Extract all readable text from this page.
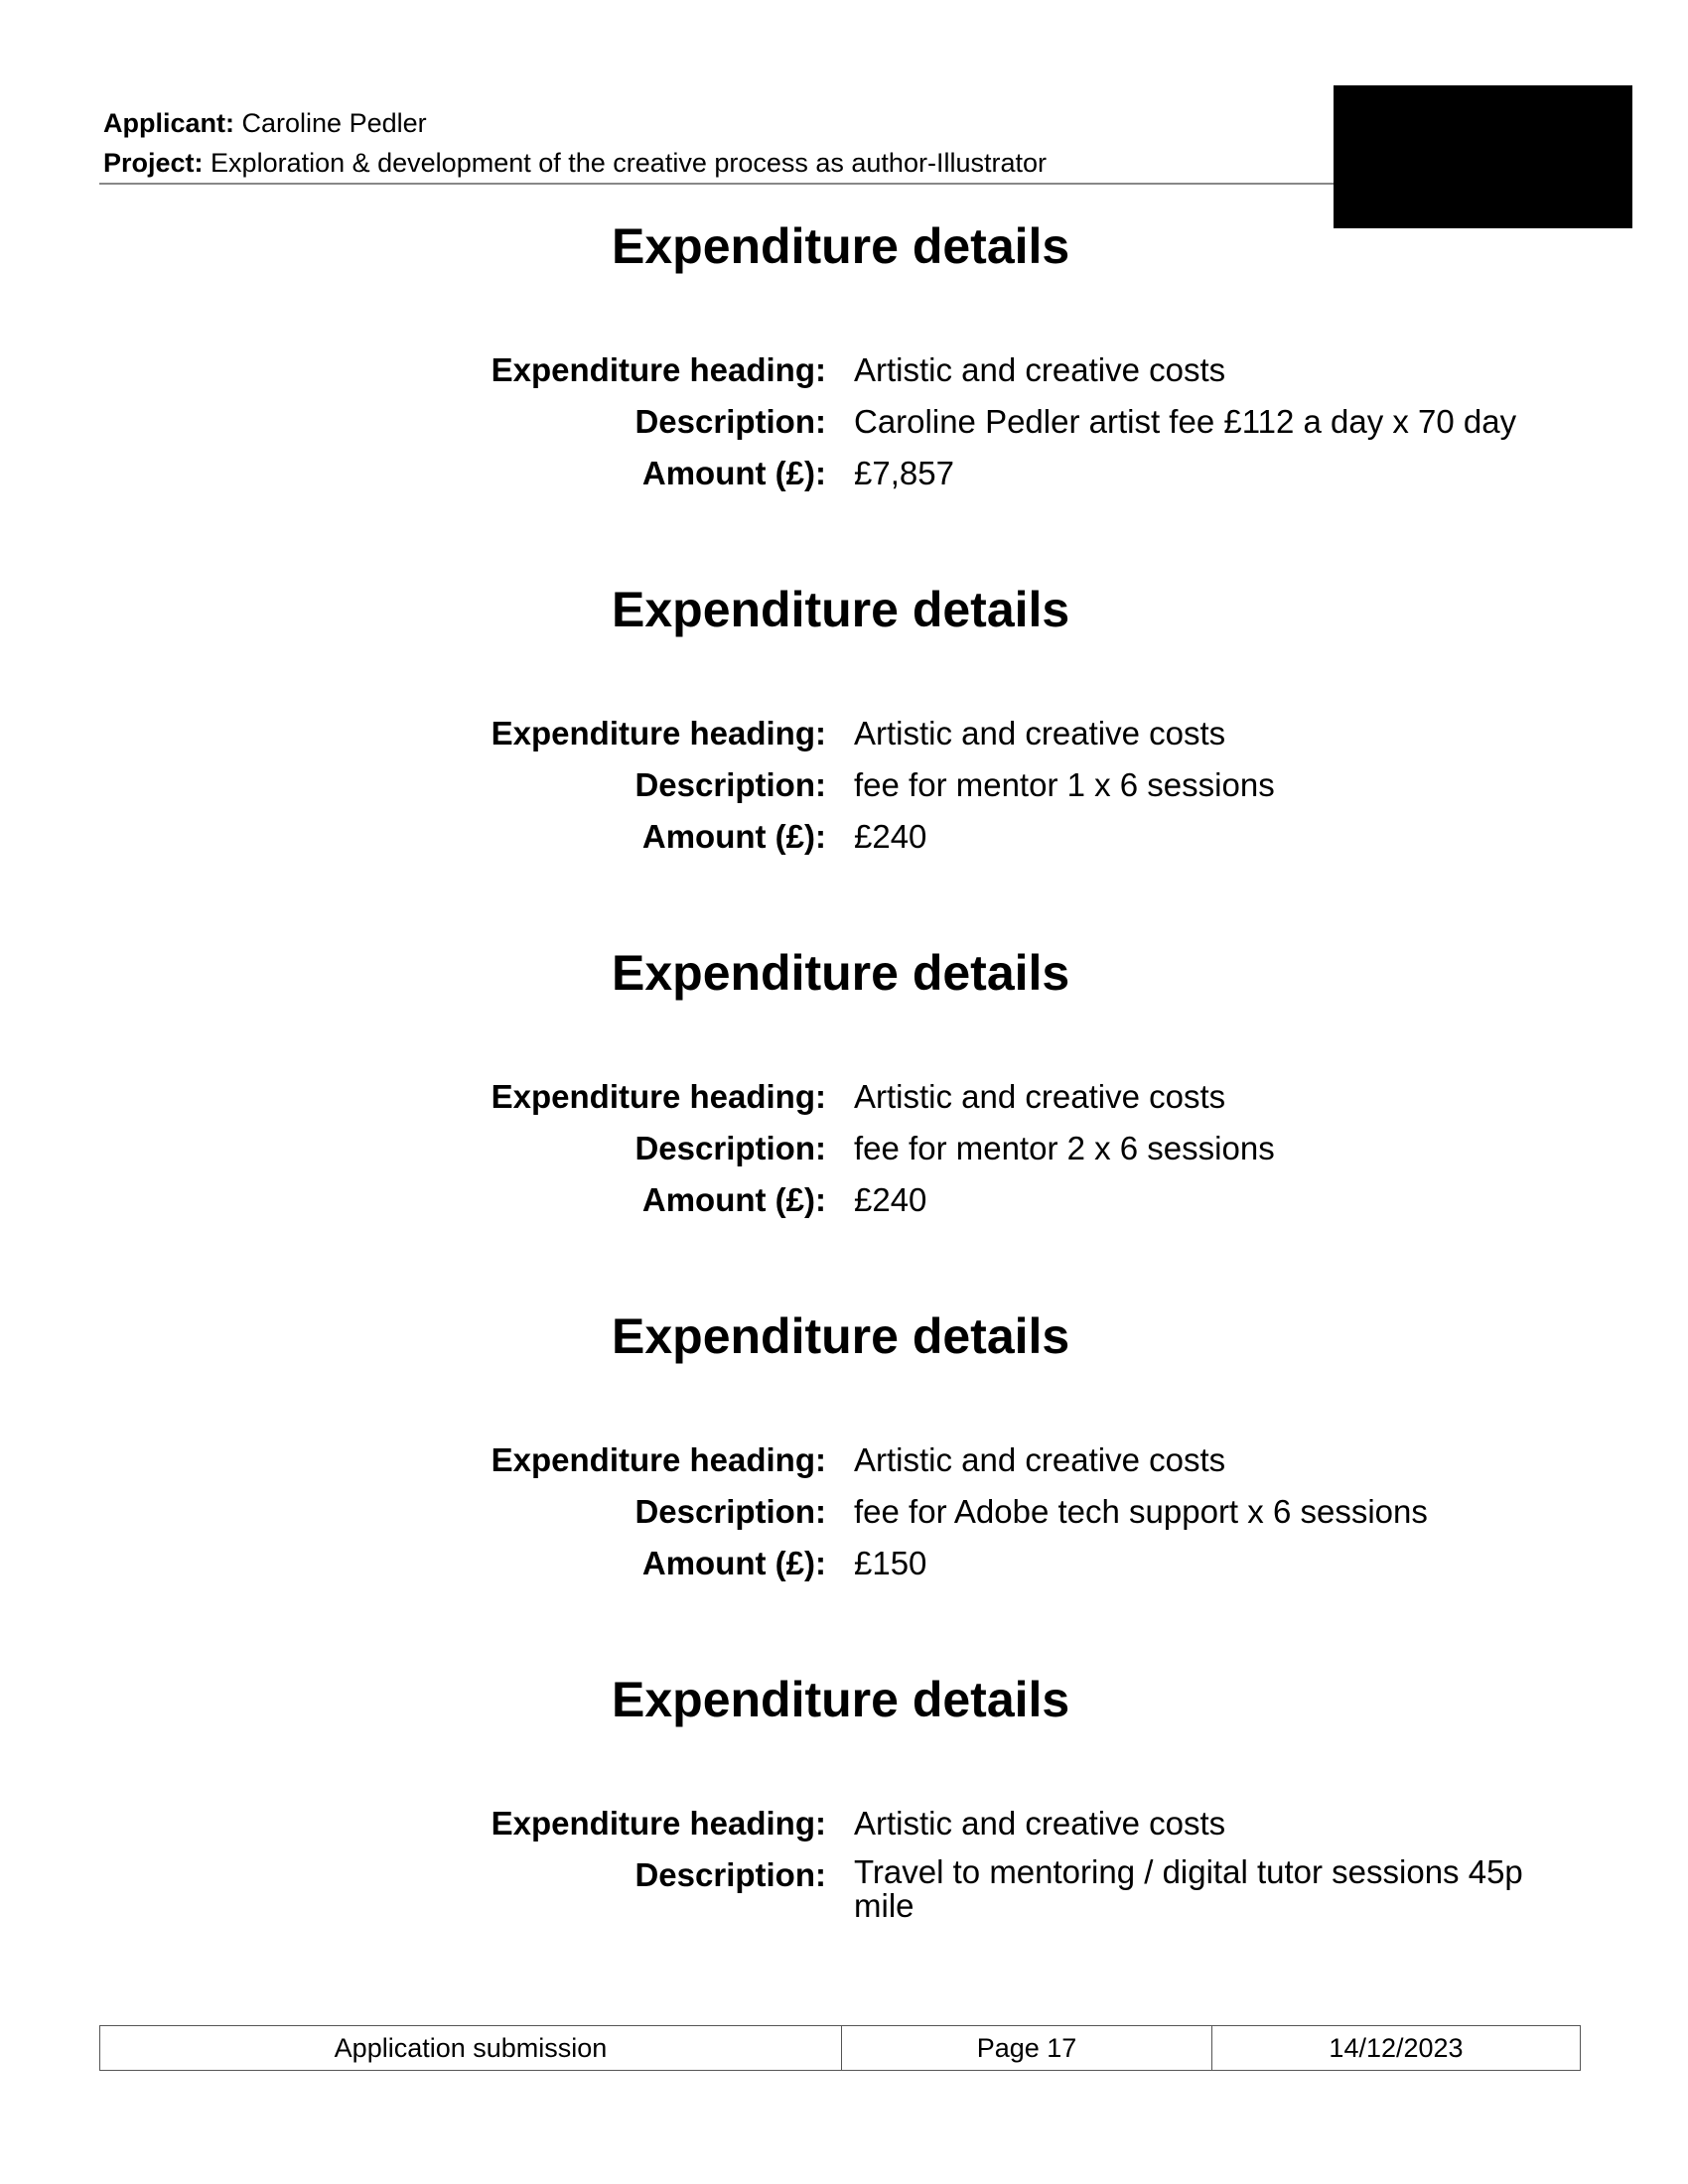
Applicant: Caroline Pedler
Project: Exploration & development of the creative process as author-Illustrator
Expenditure details
Expenditure heading: Artistic and creative costs
Description: Caroline Pedler artist fee £112 a day x 70 day
Amount (£): £7,857
Expenditure details
Expenditure heading: Artistic and creative costs
Description: fee for mentor 1 x 6 sessions
Amount (£): £240
Expenditure details
Expenditure heading: Artistic and creative costs
Description: fee for mentor 2 x 6 sessions
Amount (£): £240
Expenditure details
Expenditure heading: Artistic and creative costs
Description: fee for Adobe tech support x 6 sessions
Amount (£): £150
Expenditure details
Expenditure heading: Artistic and creative costs
Description: Travel to mentoring / digital tutor sessions 45p mile
Application submission	Page 17	14/12/2023
